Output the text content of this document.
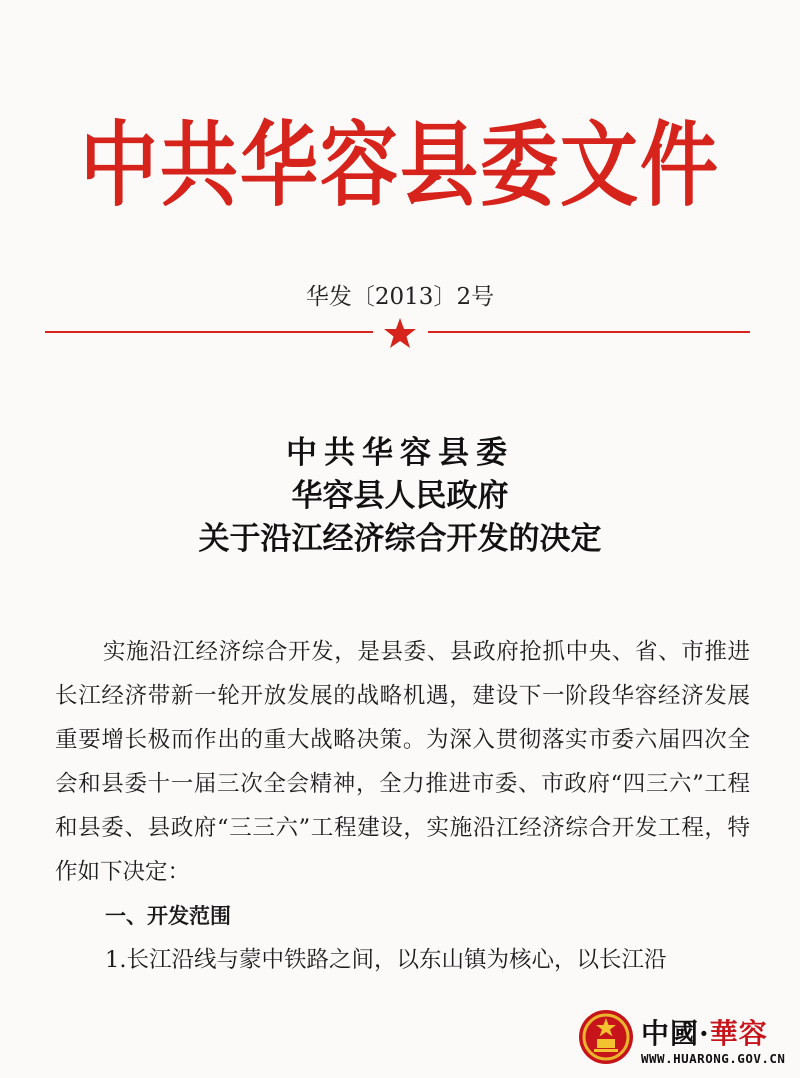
中共华容县委文件
华发〔2013〕2号
中共华容县委
华容县人民政府
关于沿江经济综合开发的决定

实施沿江经济综合开发，是县委、县政府抢抓中央、省、市推进长江经济带新一轮开放发展的战略机遇，建设下一阶段华容经济发展重要增长极而作出的重大战略决策。为深入贯彻落实市委六届四次全会和县委十一届三次全会精神，全力推进市委、市政府“四三六”工程和县委、县政府“三三六”工程建设，实施沿江经济综合开发工程，特作如下决定：

一、开发范围

1.长江沿线与蒙中铁路之间，以东山镇为核心，以长江沿

中國·華容
WWW.HUARONG.GOV.CN
